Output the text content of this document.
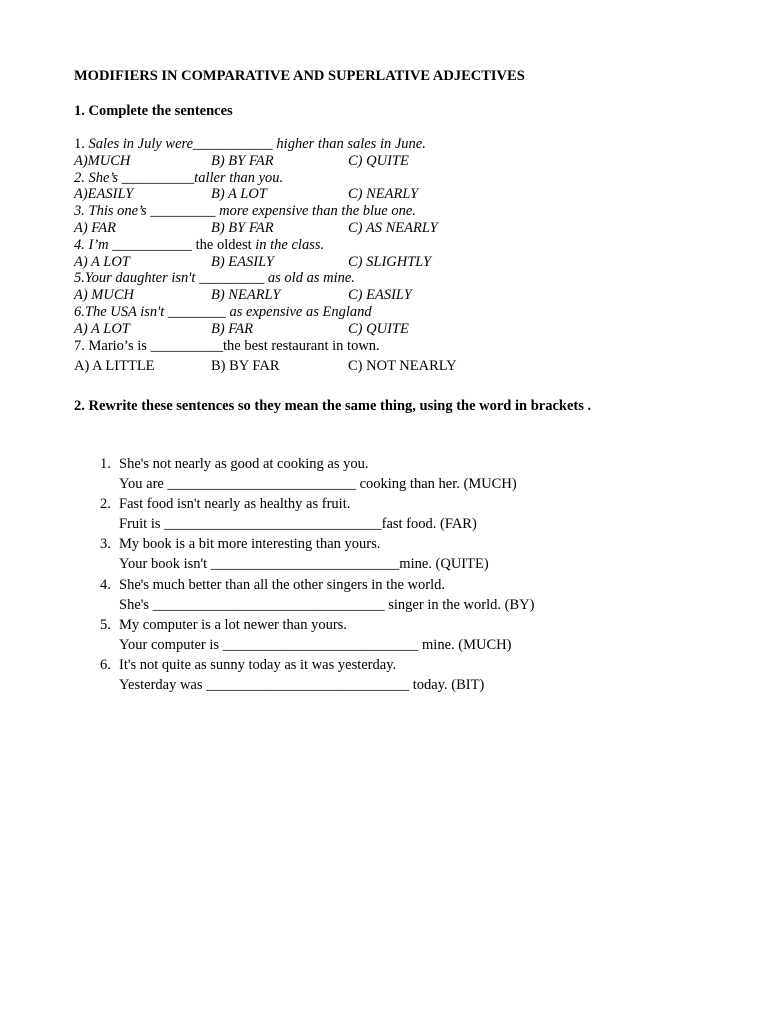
MODIFIERS IN COMPARATIVE AND SUPERLATIVE ADJECTIVES
1. Complete the sentences
1. Sales in July were___________ higher than sales in June.
A)MUCH	B) BY FAR	C) QUITE
2. She’s __________taller than you.
A)EASILY	B) A LOT	C) NEARLY
3. This one’s _________ more expensive than the blue one.
A) FAR	B) BY FAR	C) AS NEARLY
4. I’m ___________ the oldest in the class.
A) A LOT	B) EASILY	C) SLIGHTLY
5.Your daughter isn't _________ as old as mine.
A) MUCH	B) NEARLY	C) EASILY
6.The USA isn't ________ as expensive as England
A) A LOT	B) FAR	C) QUITE
7. Mario’s is __________the best restaurant in town.
A) A LITTLE	B) BY FAR	C) NOT NEARLY
2. Rewrite these sentences so they mean the same thing, using the word in brackets .
1. She's not nearly as good at cooking as you.
You are __________________________ cooking than her. (MUCH)
2. Fast food isn't nearly as healthy as fruit.
Fruit is ______________________________fast food. (FAR)
3. My book is a bit more interesting than yours.
Your book isn't __________________________mine. (QUITE)
4. She's much better than all the other singers in the world.
She's ________________________________ singer in the world. (BY)
5. My computer is a lot newer than yours.
Your computer is ___________________________ mine. (MUCH)
6. It's not quite as sunny today as it was yesterday.
Yesterday was ____________________________ today. (BIT)
